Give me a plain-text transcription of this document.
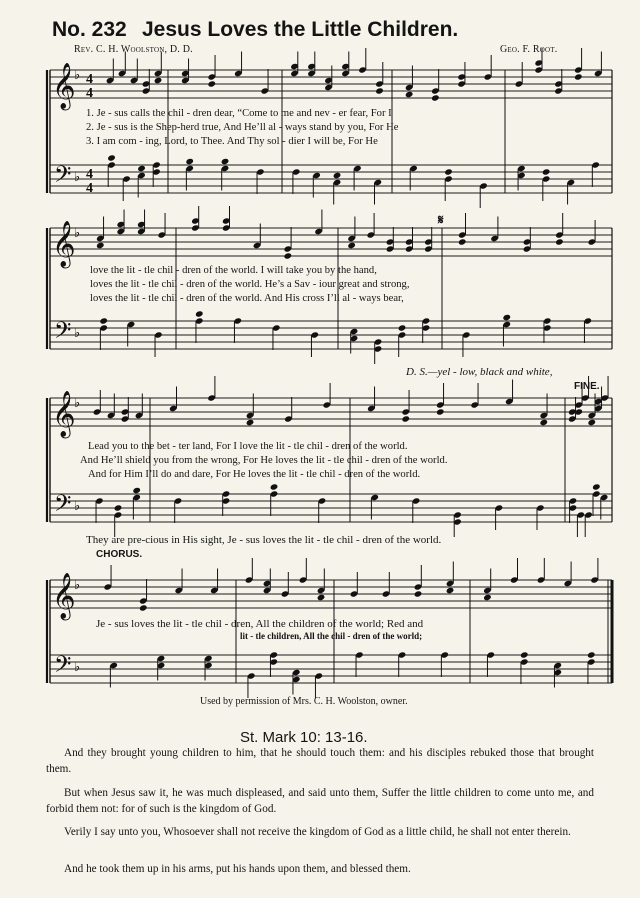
No. 232 Jesus Loves the Little Children.
Rev. C. H. Woolston, D. D.	Geo. F. Root.
𝄞
𝄢
♭
♭
4
4
4
4
𝄞
𝄢
♭
♭
𝄞
𝄢
♭
♭
𝄞
𝄢
♭
♭
1. Je - sus calls the chil - dren dear, “Come to me and nev - er fear, For I
2. Je - sus is the Shep-herd true, And He’ll al - ways stand by you, For He
3. I am com - ing, Lord, to Thee. And Thy sol - dier I will be, For He
𝄋
love the lit - tle chil - dren of the world. I will take you by the hand,
loves the lit - tle chil - dren of the world. He’s a Sav - iour great and strong,
loves the lit - tle chil - dren of the world. And His cross I’ll al - ways bear,
D. S.—yel - low, black and white,
FINE.
Lead you to the bet - ter land, For I love the lit - tle chil - dren of the world.
And He’ll shield you from the wrong, For He loves the lit - tle chil - dren of the world.
And for Him I’ll do and dare, For He loves the lit - tle chil - dren of the world.
They are pre-cious in His sight, Je - sus loves the lit - tle chil - dren of the world.
CHORUS.
Je - sus loves the lit - tle chil - dren, All the children of the world; Red and
lit - tle children, All the chil - dren of the world;
Used by permission of Mrs. C. H. Woolston, owner.
St. Mark 10: 13-16.

And they brought young children to him, that he should touch them: and his disciples rebuked those that brought them.

But when Jesus saw it, he was much displeased, and said unto them, Suffer the little children to come unto me, and forbid them not: for of such is the kingdom of God.

Verily I say unto you, Whosoever shall not receive the kingdom of God as a little child, he shall not enter therein.

And he took them up in his arms, put his hands upon them, and blessed them.
